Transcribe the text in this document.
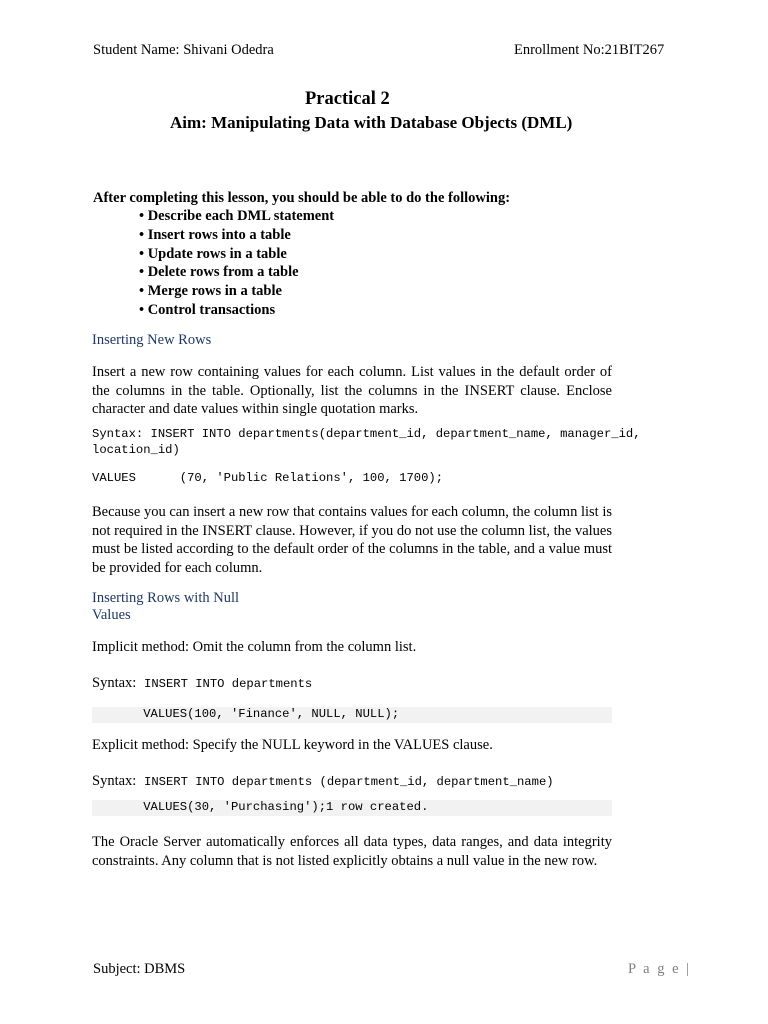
Student Name: Shivani Odedra	Enrollment No:21BIT267
Practical 2
Aim: Manipulating Data with Database Objects (DML)
After completing this lesson, you should be able to do the following:
• Describe each DML statement
• Insert rows into a table
• Update rows in a table
• Delete rows from a table
• Merge rows in a table
• Control transactions
Inserting New Rows
Insert a new row containing values for each column. List values in the default order of the columns in the table. Optionally, list the columns in the INSERT clause. Enclose character and date values within single quotation marks.
Syntax: INSERT INTO departments(department_id, department_name, manager_id,
location_id)
VALUES      (70, 'Public Relations', 100, 1700);
Because you can insert a new row that contains values for each column, the column list is not required in the INSERT clause. However, if you do not use the column list, the values must be listed according to the default order of the columns in the table, and a value must be provided for each column.
Inserting Rows with Null
Values
Implicit method: Omit the column from the column list.
Syntax: INSERT INTO departments
VALUES(100, 'Finance', NULL, NULL);
Explicit method: Specify the NULL keyword in the VALUES clause.
Syntax: INSERT INTO departments (department_id, department_name)
VALUES(30, 'Purchasing');1 row created.
The Oracle Server automatically enforces all data types, data ranges, and data integrity constraints. Any column that is not listed explicitly obtains a null value in the new row.
Subject: DBMS	P a g e |
